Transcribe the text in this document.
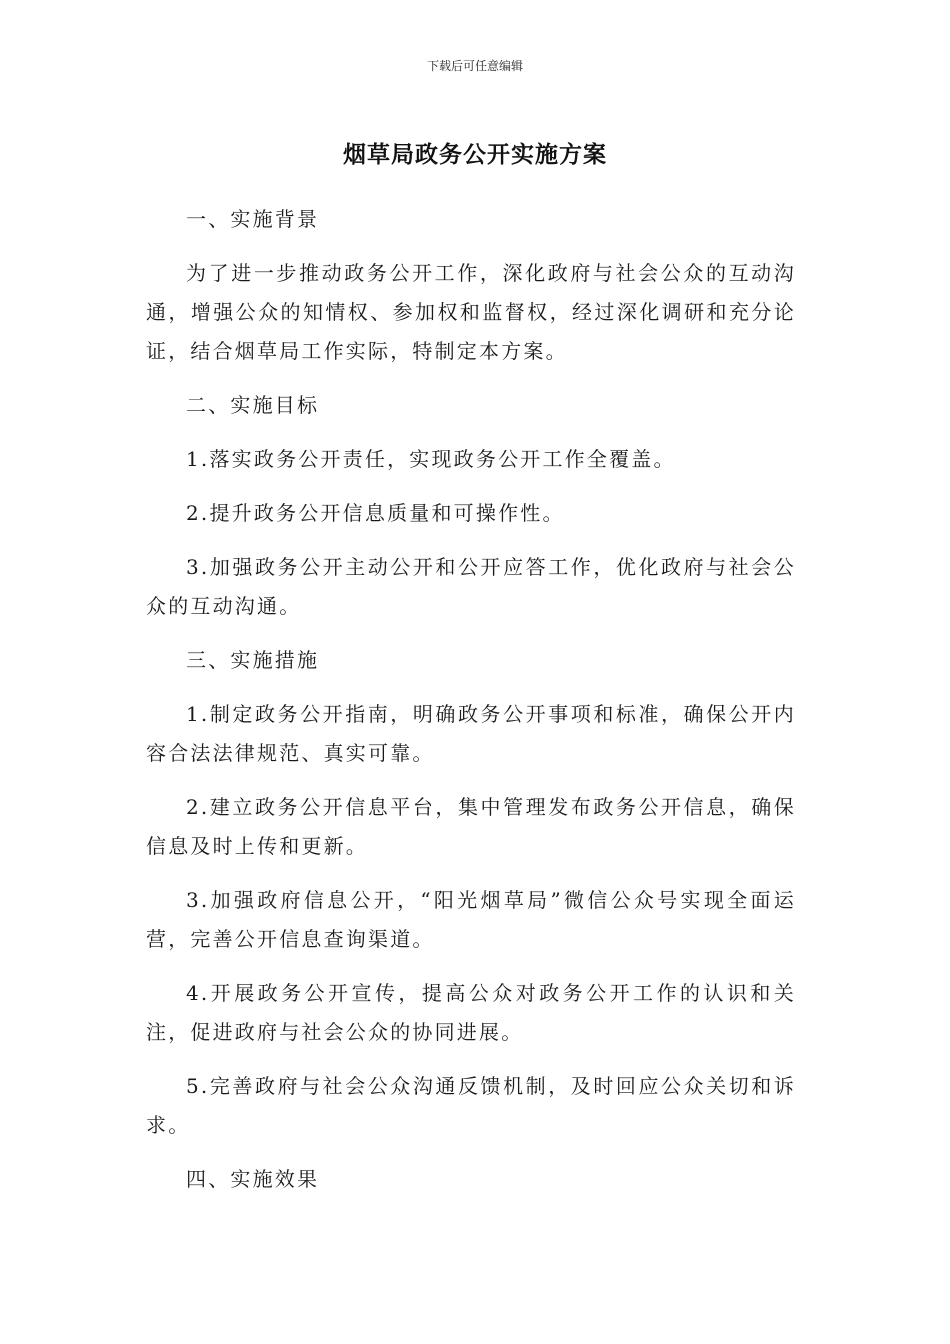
下载后可任意编辑
烟草局政务公开实施方案

一、实施背景

为了进一步推动政务公开工作，深化政府与社会公众的互动沟通，增强公众的知情权、参加权和监督权，经过深化调研和充分论证，结合烟草局工作实际，特制定本方案。

二、实施目标

1.落实政务公开责任，实现政务公开工作全覆盖。

2.提升政务公开信息质量和可操作性。

3.加强政务公开主动公开和公开应答工作，优化政府与社会公众的互动沟通。

三、实施措施

1.制定政务公开指南，明确政务公开事项和标准，确保公开内容合法法律规范、真实可靠。

2.建立政务公开信息平台，集中管理发布政务公开信息，确保信息及时上传和更新。

3.加强政府信息公开，“阳光烟草局”微信公众号实现全面运营，完善公开信息查询渠道。

4.开展政务公开宣传，提高公众对政务公开工作的认识和关注，促进政府与社会公众的协同进展。

5.完善政府与社会公众沟通反馈机制，及时回应公众关切和诉求。

四、实施效果
